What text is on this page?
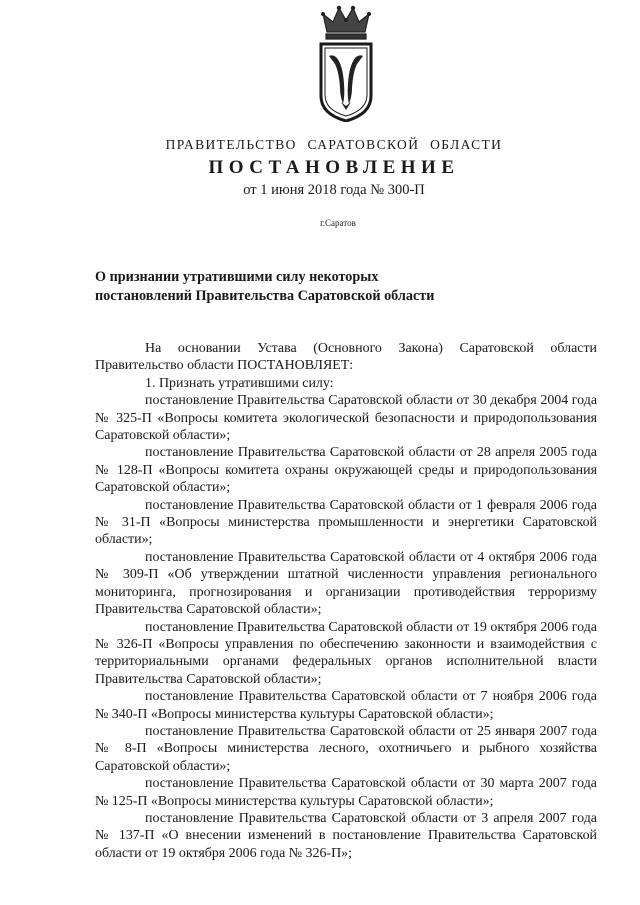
ПРАВИТЕЛЬСТВО САРАТОВСКОЙ ОБЛАСТИ
ПОСТАНОВЛЕНИЕ
от 1 июня 2018 года № 300-П
г.Саратов
О признании утратившими силу некоторых
постановлений Правительства Саратовской области

На основании Устава (Основного Закона) Саратовской области Правительство области ПОСТАНОВЛЯЕТ:

1. Признать утратившими силу:

постановление Правительства Саратовской области от 30 декабря 2004 года № 325-П «Вопросы комитета экологической безопасности и природопользования Саратовской области»;

постановление Правительства Саратовской области от 28 апреля 2005 года № 128-П «Вопросы комитета охраны окружающей среды и природопользования Саратовской области»;

постановление Правительства Саратовской области от 1 февраля 2006 года № 31-П «Вопросы министерства промышленности и энергетики Саратовской области»;

постановление Правительства Саратовской области от 4 октября 2006 года № 309-П «Об утверждении штатной численности управления регионального мониторинга, прогнозирования и организации противодействия терроризму Правительства Саратовской области»;

постановление Правительства Саратовской области от 19 октября 2006 года № 326-П «Вопросы управления по обеспечению законности и взаимодействия с территориальными органами федеральных органов исполнительной власти Правительства Саратовской области»;

постановление Правительства Саратовской области от 7 ноября 2006 года № 340-П «Вопросы министерства культуры Саратовской области»;

постановление Правительства Саратовской области от 25 января 2007 года № 8-П «Вопросы министерства лесного, охотничьего и рыбного хозяйства Саратовской области»;

постановление Правительства Саратовской области от 30 марта 2007 года № 125-П «Вопросы министерства культуры Саратовской области»;

постановление Правительства Саратовской области от 3 апреля 2007 года № 137-П «О внесении изменений в постановление Правительства Саратовской области от 19 октября 2006 года № 326-П»;
